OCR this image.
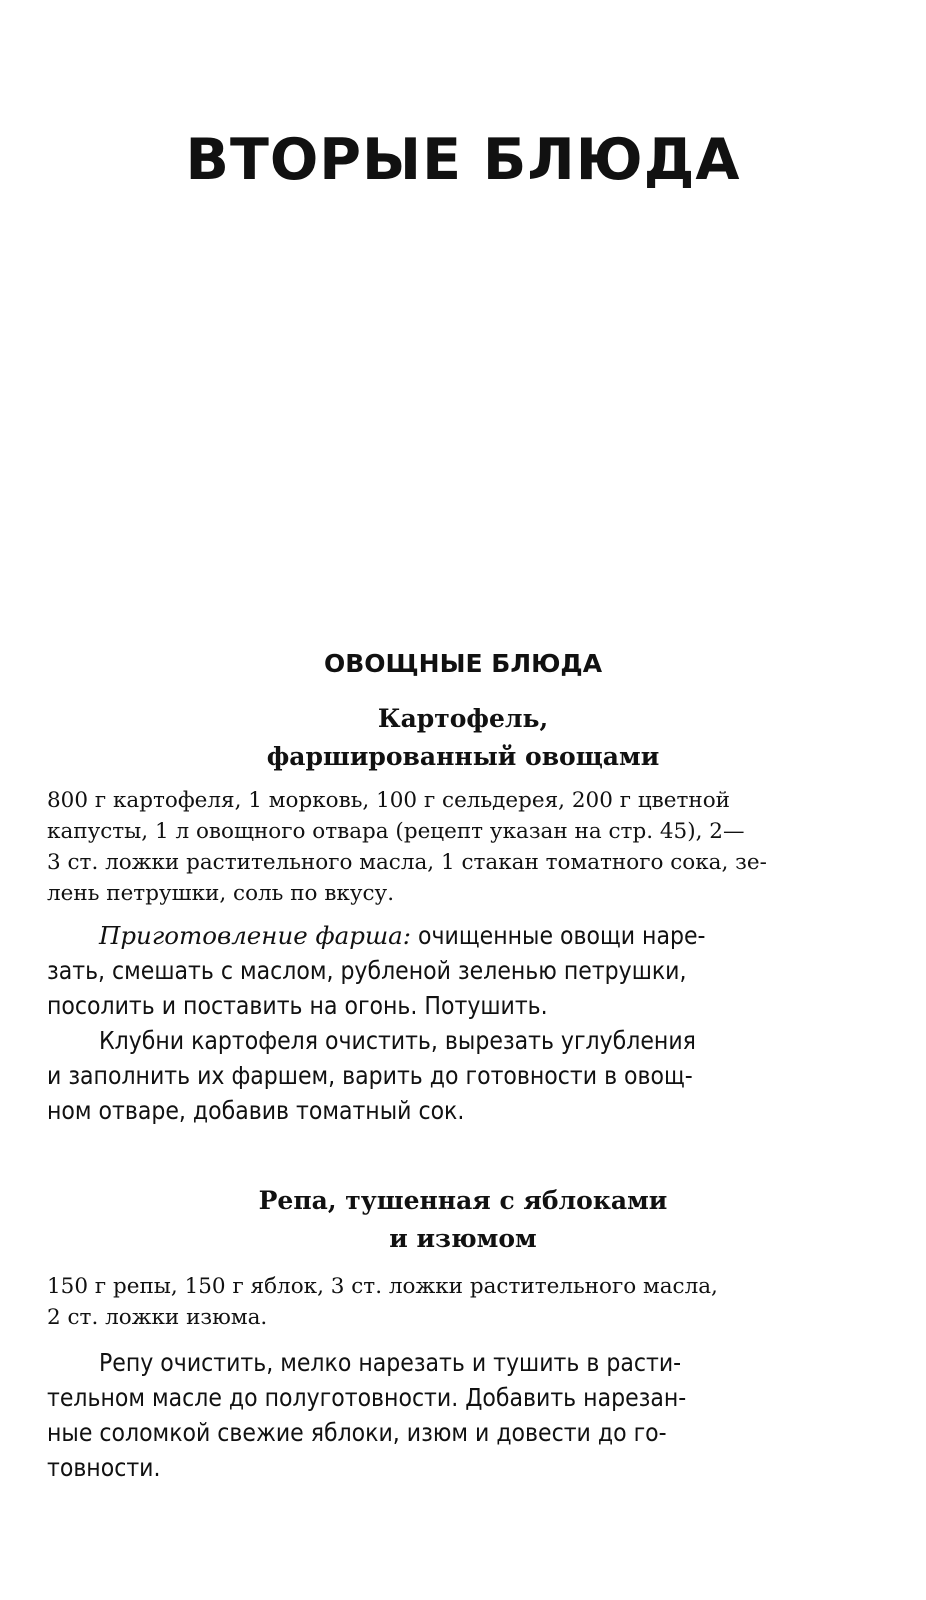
ВТОРЫЕ БЛЮДА
ОВОЩНЫЕ БЛЮДА
Картофель,
фаршированный овощами
800 г картофеля, 1 морковь, 100 г сельдерея, 200 г цветной
капусты, 1 л овощного отвара (рецепт указан на стр. 45), 2—
3 ст. ложки растительного масла, 1 стакан томатного сока, зе-
лень петрушки, соль по вкусу.
Приготовление фарша: очищенные овощи наре-
зать, смешать с маслом, рубленой зеленью петрушки,
посолить и поставить на огонь. Потушить.
Клубни картофеля очистить, вырезать углубления
и заполнить их фаршем, варить до готовности в овощ-
ном отваре, добавив томатный сок.
Репа, тушенная с яблоками
и изюмом
150 г репы, 150 г яблок, 3 ст. ложки растительного масла,
2 ст. ложки изюма.
Репу очистить, мелко нарезать и тушить в расти-
тельном масле до полуготовности. Добавить нарезан-
ные соломкой свежие яблоки, изюм и довести до го-
товности.
